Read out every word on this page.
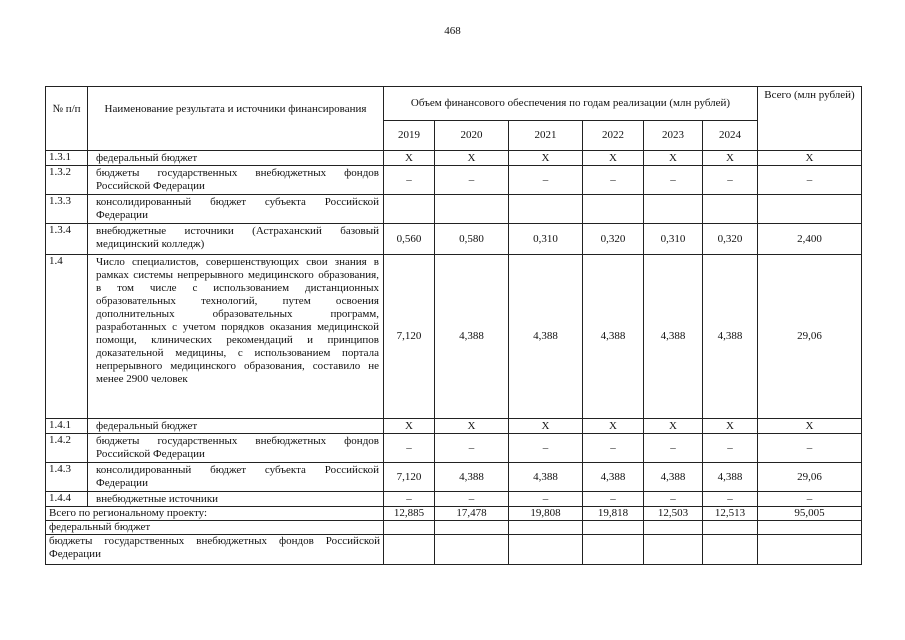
468
№ п/п	Наименование результата и источники финансирования	Объем финансового обеспечения по годам реализации (млн рублей)						Всего (млн рублей)
		2019	2020	2021	2022	2023	2024	
1.3.1	федеральный бюджет	X	X	X	X	X	X	X
1.3.2	бюджеты государственных внебюджетных фондов Российской Федерации	–	–	–	–	–	–	–
1.3.3	консолидированный бюджет субъекта Российской Федерации							
1.3.4	внебюджетные источники (Астраханский базовый медицинский колледж)	0,560	0,580	0,310	0,320	0,310	0,320	2,400
1.4	Число специалистов, совершенствующих свои знания в рамках системы непрерывного медицинского образования, в том числе с использованием дистанционных образовательных технологий, путем освоения дополнительных образовательных программ, разработанных с учетом порядков оказания медицинской помощи, клинических рекомендаций и принципов доказательной медицины, с использованием портала непрерывного медицинского образования, составило не менее 2900 человек	7,120	4,388	4,388	4,388	4,388	4,388	29,06
1.4.1	федеральный бюджет	X	X	X	X	X	X	X
1.4.2	бюджеты государственных внебюджетных фондов Российской Федерации	–	–	–	–	–	–	–
1.4.3	консолидированный бюджет субъекта Российской Федерации	7,120	4,388	4,388	4,388	4,388	4,388	29,06
1.4.4	внебюджетные источники	–	–	–	–	–	–	–
Всего по региональному проекту:		12,885	17,478	19,808	19,818	12,503	12,513	95,005
федеральный бюджет								
бюджеты государственных внебюджетных фондов Российской Федерации								
